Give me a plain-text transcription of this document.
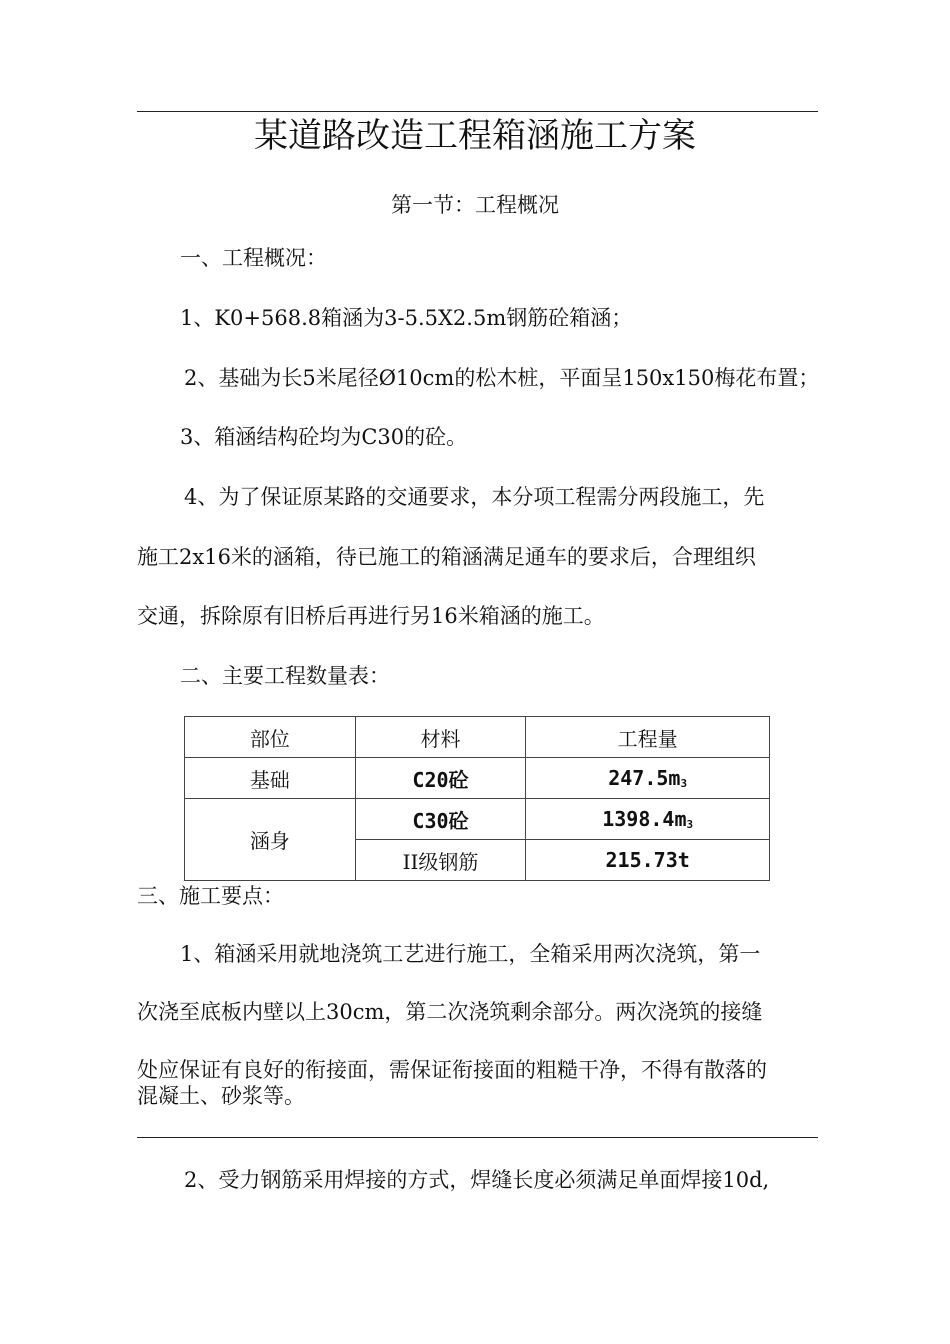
某道路改造工程箱涵施工方案
第一节：工程概况
一、工程概况：
1、K0+568.8箱涵为3-5.5X2.5m钢筋砼箱涵；
2、基础为长5米尾径Ø10cm的松木桩，平面呈150x150梅花布置；
3、箱涵结构砼均为C30的砼。
4、为了保证原某路的交通要求，本分项工程需分两段施工，先
施工2x16米的涵箱，待已施工的箱涵满足通车的要求后，合理组织
交通，拆除原有旧桥后再进行另16米箱涵的施工。
二、主要工程数量表：
部位	材料	工程量
基础	C20砼	$247.5m^3$
涵身	C30砼	$1398.4m^3$
	II级钢筋	215.73t
三、施工要点：
1、箱涵采用就地浇筑工艺进行施工，全箱采用两次浇筑，第一
次浇至底板内壁以上30cm，第二次浇筑剩余部分。两次浇筑的接缝
处应保证有良好的衔接面，需保证衔接面的粗糙干净，不得有散落的
混凝土、砂浆等。
2、受力钢筋采用焊接的方式，焊缝长度必须满足单面焊接10d,
